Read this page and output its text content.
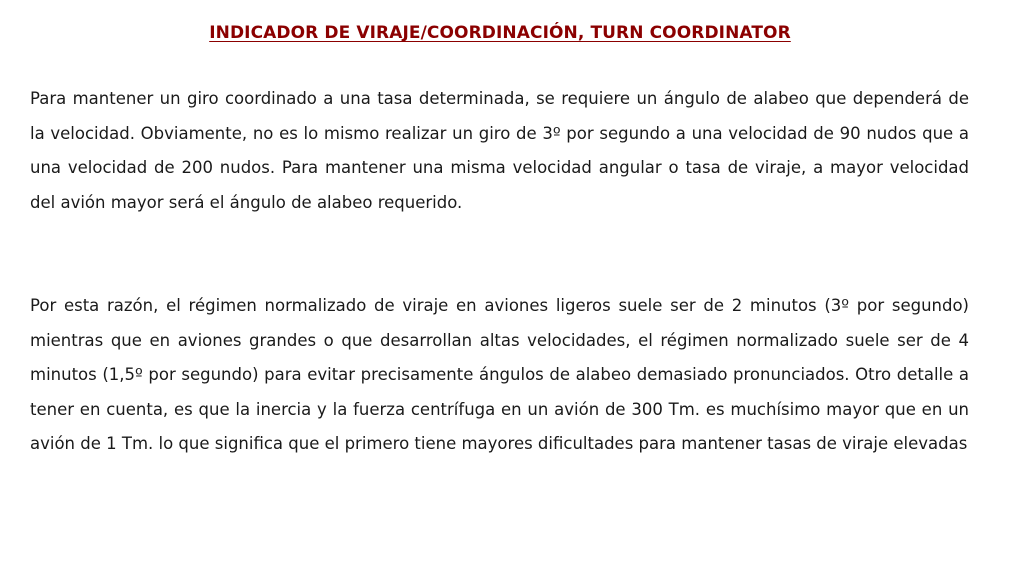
INDICADOR DE VIRAJE/COORDINACIÓN, TURN COORDINATOR

Para mantener un giro coordinado a una tasa determinada, se requiere un ángulo de alabeo que dependerá de la velocidad. Obviamente, no es lo mismo realizar un giro de 3º por segundo a una velocidad de 90 nudos que a una velocidad de 200 nudos. Para mantener una misma velocidad angular o tasa de viraje, a mayor velocidad del avión mayor será el ángulo de alabeo requerido.

Por esta razón, el régimen normalizado de viraje en aviones ligeros suele ser de 2 minutos (3º por segundo) mientras que en aviones grandes o que desarrollan altas velocidades, el régimen normalizado suele ser de 4 minutos (1,5º por segundo) para evitar precisamente ángulos de alabeo demasiado pronunciados. Otro detalle a tener en cuenta, es que la inercia y la fuerza centrífuga en un avión de 300 Tm. es muchísimo mayor que en un avión de 1 Tm. lo que significa que el primero tiene mayores dificultades para mantener tasas de viraje elevadas
